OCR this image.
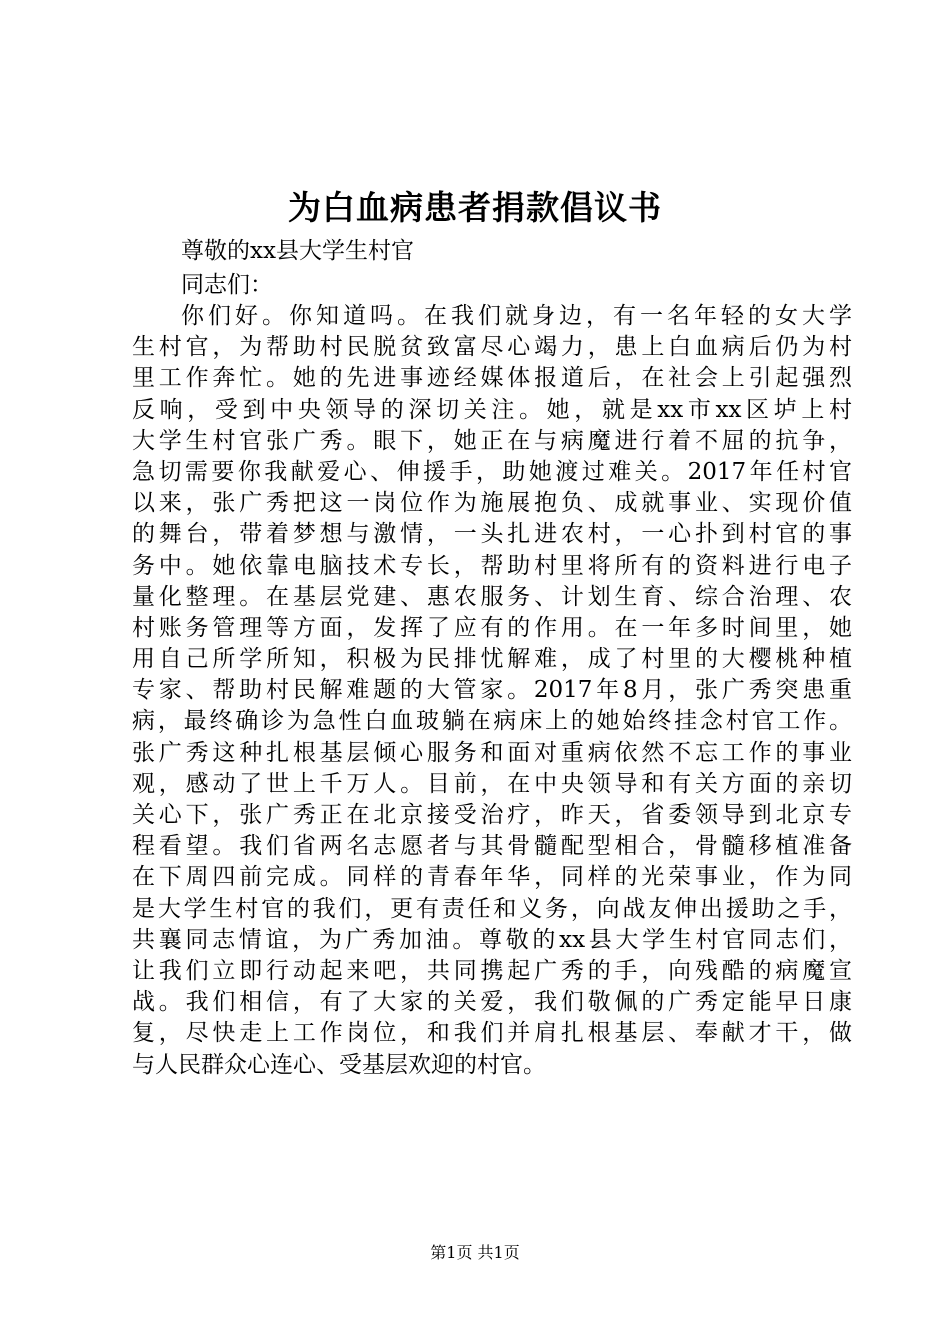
为白血病患者捐款倡议书
尊敬的xx县大学生村官
同志们：
你们好。你知道吗。在我们就身边，有一名年轻的女大学
生村官，为帮助村民脱贫致富尽心竭力，患上白血病后仍为村
里工作奔忙。她的先进事迹经媒体报道后，在社会上引起强烈
反响，受到中央领导的深切关注。她，就是xx市xx区垆上村
大学生村官张广秀。眼下，她正在与病魔进行着不屈的抗争，
急切需要你我献爱心、伸援手，助她渡过难关。2017年任村官
以来，张广秀把这一岗位作为施展抱负、成就事业、实现价值
的舞台，带着梦想与激情，一头扎进农村，一心扑到村官的事
务中。她依靠电脑技术专长，帮助村里将所有的资料进行电子
量化整理。在基层党建、惠农服务、计划生育、综合治理、农
村账务管理等方面，发挥了应有的作用。在一年多时间里，她
用自己所学所知，积极为民排忧解难，成了村里的大樱桃种植
专家、帮助村民解难题的大管家。2017年8月，张广秀突患重
病，最终确诊为急性白血玻躺在病床上的她始终挂念村官工作。
张广秀这种扎根基层倾心服务和面对重病依然不忘工作的事业
观，感动了世上千万人。目前，在中央领导和有关方面的亲切
关心下，张广秀正在北京接受治疗，昨天，省委领导到北京专
程看望。我们省两名志愿者与其骨髓配型相合，骨髓移植准备
在下周四前完成。同样的青春年华，同样的光荣事业，作为同
是大学生村官的我们，更有责任和义务，向战友伸出援助之手，
共襄同志情谊，为广秀加油。尊敬的xx县大学生村官同志们，
让我们立即行动起来吧，共同携起广秀的手，向残酷的病魔宣
战。我们相信，有了大家的关爱，我们敬佩的广秀定能早日康
复，尽快走上工作岗位，和我们并肩扎根基层、奉献才干，做
与人民群众心连心、受基层欢迎的村官。
第1页 共1页
